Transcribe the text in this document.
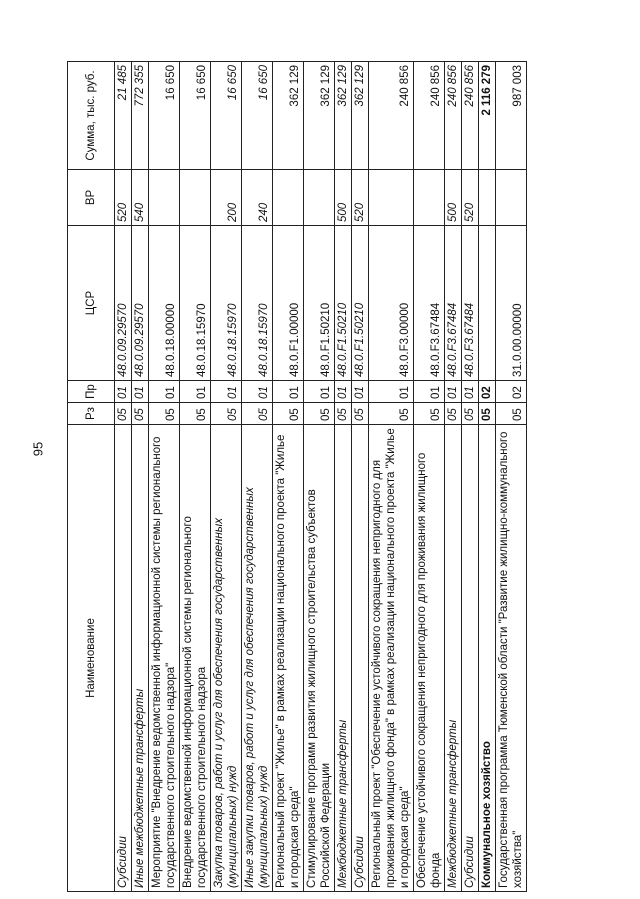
95
Наименование	Рз	Пр	ЦСР	ВР	Сумма, тыс. руб.
Субсидии	05	01	48.0.09.29570	520	21 485
Иные межбюджетные трансферты	05	01	48.0.09.29570	540	772 355
Мероприятие "Внедрение ведомственной информационной системы регионального государственного строительного надзора"	05	01	48.0.18.00000		16 650
Внедрение ведомственной информационной системы регионального государственного строительного надзора	05	01	48.0.18.15970		16 650
Закупка товаров, работ и услуг для обеспечения государственных (муниципальных) нужд	05	01	48.0.18.15970	200	16 650
Иные закупки товаров, работ и услуг для обеспечения государственных (муниципальных) нужд	05	01	48.0.18.15970	240	16 650
Региональный проект "Жилье" в рамках реализации национального проекта "Жилье и городская среда"	05	01	48.0.F1.00000		362 129
Стимулирование программ развития жилищного строительства субъектов Российской Федерации	05	01	48.0.F1.50210		362 129
Межбюджетные трансферты	05	01	48.0.F1.50210	500	362 129
Субсидии	05	01	48.0.F1.50210	520	362 129
Региональный проект "Обеспечение устойчивого сокращения непригодного для проживания жилищного фонда" в рамках реализации национального проекта "Жилье и городская среда"	05	01	48.0.F3.00000		240 856
Обеспечение устойчивого сокращения непригодного для проживания жилищного фонда	05	01	48.0.F3.67484		240 856
Межбюджетные трансферты	05	01	48.0.F3.67484	500	240 856
Субсидии	05	01	48.0.F3.67484	520	240 856
Коммунальное хозяйство	05	02			2 116 279
Государственная программа Тюменской области "Развитие жилищно-коммунального хозяйства"	05	02	31.0.00.00000		987 003
